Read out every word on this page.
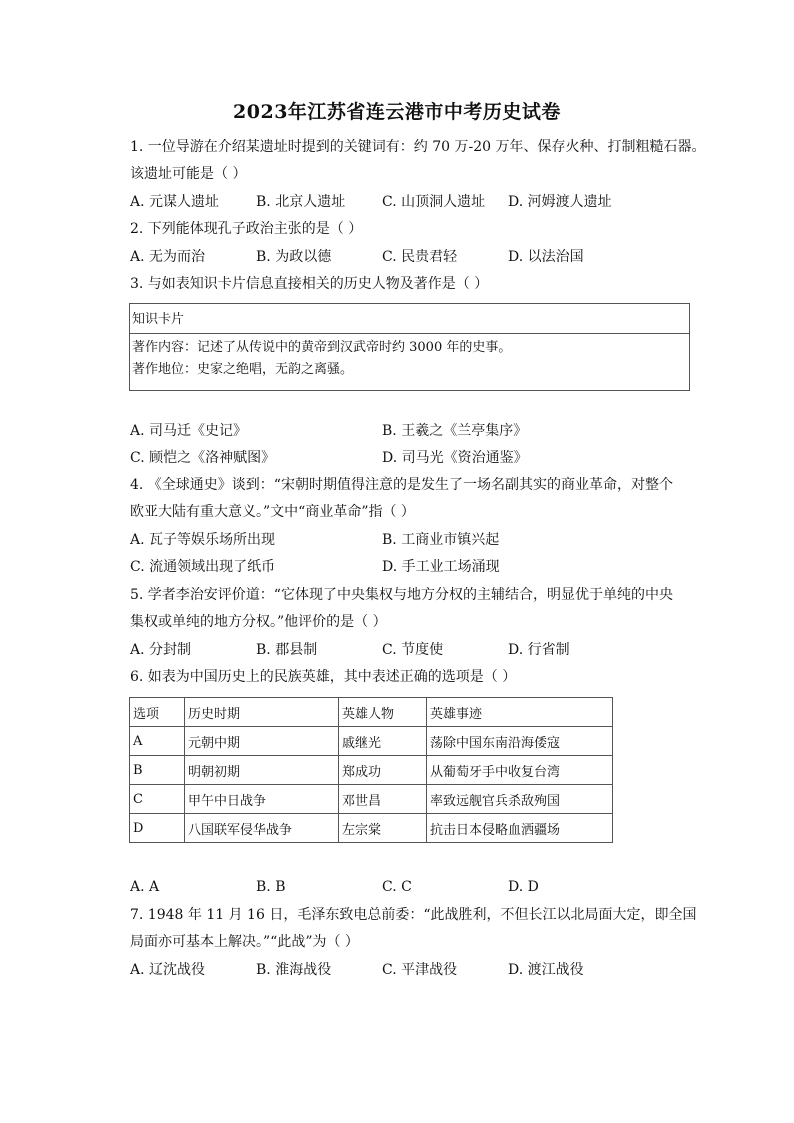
2023年江苏省连云港市中考历史试卷
1. 一位导游在介绍某遗址时提到的关键词有：约 70 万-20 万年、保存火种、打制粗糙石器。
该遗址可能是（ ）
A. 元谋人遗址	B. 北京人遗址	C. 山顶洞人遗址 D. 河姆渡人遗址
2. 下列能体现孔子政治主张的是（ ）
A. 无为而治	B. 为政以德	C. 民贵君轻	D. 以法治国
3. 与如表知识卡片信息直接相关的历史人物及著作是（ ）
知识卡片
著作内容：记述了从传说中的黄帝到汉武帝时约 3000 年的史事。
著作地位：史家之绝唱，无韵之离骚。
A. 司马迁《史记》	B. 王羲之《兰亭集序》
C. 顾恺之《洛神赋图》	D. 司马光《资治通鉴》
4. 《全球通史》谈到：“宋朝时期值得注意的是发生了一场名副其实的商业革命，对整个
欧亚大陆有重大意义。”文中“商业革命”指（ ）
A. 瓦子等娱乐场所出现	B. 工商业市镇兴起
C. 流通领域出现了纸币	D. 手工业工场涌现
5. 学者李治安评价道：“它体现了中央集权与地方分权的主辅结合，明显优于单纯的中央
集权或单纯的地方分权。”他评价的是（ ）
A. 分封制	B. 郡县制	C. 节度使	D. 行省制
6. 如表为中国历史上的民族英雄，其中表述正确的选项是（ ）
选项	历史时期	英雄人物	英雄事迹
A	元朝中期	戚继光	荡除中国东南沿海倭寇
B	明朝初期	郑成功	从葡萄牙手中收复台湾
C	甲午中日战争	邓世昌	率致远舰官兵杀敌殉国
D	八国联军侵华战争	左宗棠	抗击日本侵略血洒疆场
A. A	B. B	C. C	D. D
7. 1948 年 11 月 16 日，毛泽东致电总前委：“此战胜利，不但长江以北局面大定，即全国
局面亦可基本上解决。”“此战”为（ ）
A. 辽沈战役	B. 淮海战役	C. 平津战役	D. 渡江战役
